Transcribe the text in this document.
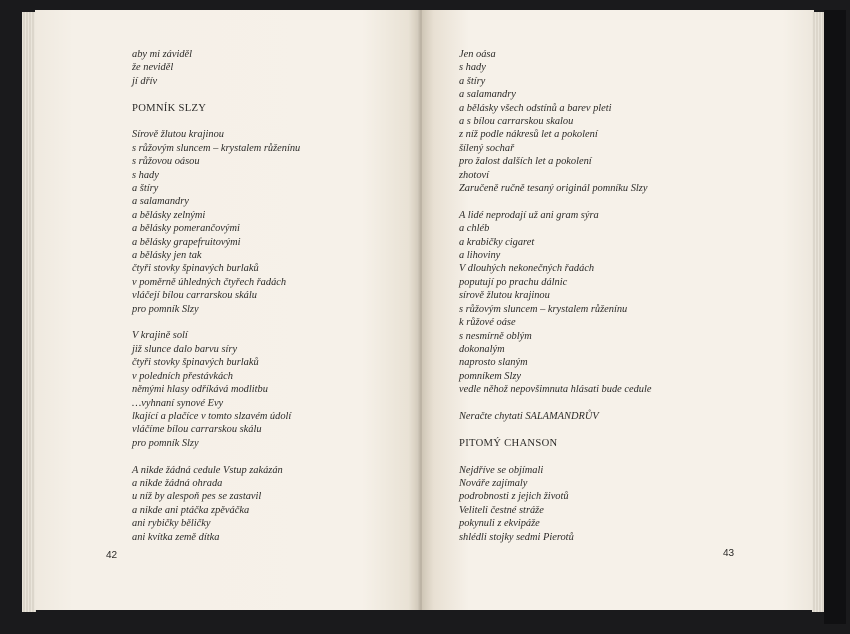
aby mi záviděl
že neviděl
jí dřív
POMNÍK SLZY
Sírově žlutou krajinou
s růžovým sluncem – krystalem růženínu
s růžovou oásou
s hady
a štíry
a salamandry
a bělásky zelnými
a bělásky pomerančovými
a bělásky grapefruitovými
a bělásky jen tak
čtyři stovky špinavých burlaků
v poměrně úhledných čtyřech řadách
vláčejí bílou carrarskou skálu
pro pomník Slzy
V krajině solí
již slunce dalo barvu síry
čtyři stovky špinavých burlaků
v poledních přestávkách
němými hlasy odříkává modlitbu
…vyhnaní synové Evy
lkající a plačíce v tomto slzavém údolí
vláčíme bílou carrarskou skálu
pro pomník Slzy
A nikde žádná cedule Vstup zakázán
a nikde žádná ohrada
u níž by alespoň pes se zastavil
a nikde ani ptáčka zpěváčka
ani rybičky běličky
ani kvítka země dítka
Jen oása
s hady
a štíry
a salamandry
a bělásky všech odstínů a barev pleti
a s bílou carrarskou skalou
z níž podle nákresů let a pokolení
šílený sochař
pro žalost dalších let a pokolení
zhotoví
Zaručeně ručně tesaný originál pomníku Slzy
A lidé neprodají už ani gram sýra
a chléb
a krabičky cigaret
a lihoviny
V dlouhých nekonečných řadách
poputují po prachu dálnic
sírově žlutou krajinou
s růžovým sluncem – krystalem růženínu
k růžové oáse
s nesmírně oblým
dokonalým
naprosto slaným
pomníkem Slzy
vedle něhož nepovšimnuta hlásati bude cedule
Neračte chytati SALAMANDRŮV
PITOMÝ CHANSON
Nejdříve se objímali
Nováře zajímaly
podrobnosti z jejich životů
Veliteli čestné stráže
pokynuli z ekvipáže
shlédli stojky sedmi Pierotů
42	43
